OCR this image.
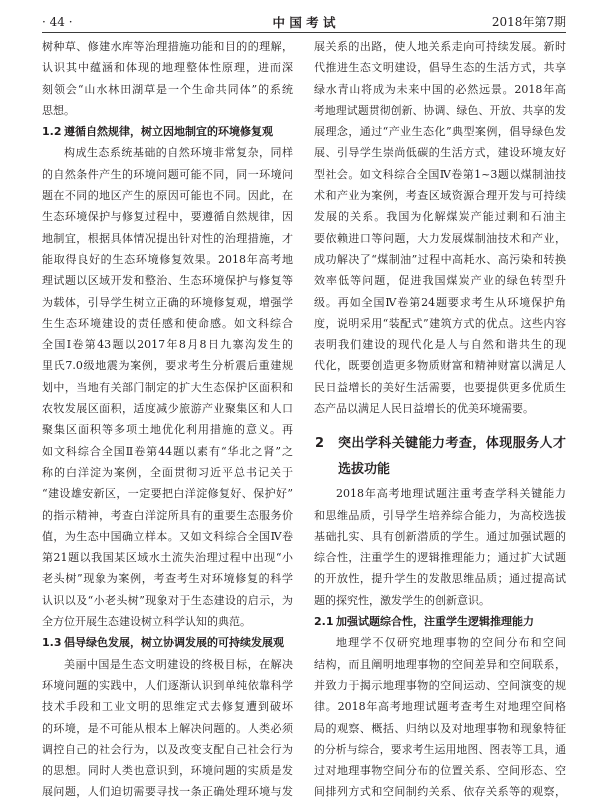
· 44 ·	中 国 考 试	2018年第7期
树种草、修建水库等治理措施功能和目的的理解，
认识其中蕴涵和体现的地理整体性原理，进而深
刻领会“山水林田湖草是一个生命共同体”的系统
思想。
1.2 遵循自然规律，树立因地制宜的环境修复观
构成生态系统基础的自然环境非常复杂，同样
的自然条件产生的环境问题可能不同，同一环境问
题在不同的地区产生的原因可能也不同。因此，在
生态环境保护与修复过程中，要遵循自然规律，因
地制宜，根据具体情况提出针对性的治理措施，才
能取得良好的生态环境修复效果。2018年高考地
理试题以区域开发和整治、生态环境保护与修复等
为载体，引导学生树立正确的环境修复观，增强学
生生态环境建设的责任感和使命感。如文科综合
全国Ⅰ卷第43题以2017年8月8日九寨沟发生的
里氏7.0级地震为案例，要求考生分析震后重建规
划中，当地有关部门制定的扩大生态保护区面积和
农牧发展区面积，适度减少旅游产业聚集区和人口
聚集区面积等多项土地优化利用措施的意义。再
如文科综合全国Ⅱ卷第44题以素有“华北之肾”之
称的白洋淀为案例，全面贯彻习近平总书记关于
“建设雄安新区，一定要把白洋淀修复好、保护好”
的指示精神，考查白洋淀所具有的重要生态服务价
值，为生态中国确立样本。又如文科综合全国Ⅳ卷
第21题以我国某区域水土流失治理过程中出现“小
老头树”现象为案例，考查考生对环境修复的科学
认识以及“小老头树”现象对于生态建设的启示，为
全方位开展生态建设树立科学认知的典范。
1.3 倡导绿色发展，树立协调发展的可持续发展观
美丽中国是生态文明建设的终极目标，在解决
环境问题的实践中，人们逐渐认识到单纯依靠科学
技术手段和工业文明的思维定式去修复遭到破坏
的环境，是不可能从根本上解决问题的。人类必须
调控自己的社会行为，以及改变支配自己社会行为
的思想。同时人类也意识到，环境问题的实质是发
展问题，人们迫切需要寻找一条正确处理环境与发
展关系的出路，使人地关系走向可持续发展。新时
代推进生态文明建设，倡导生态的生活方式，共享
绿水青山将成为未来中国的必然远景。2018年高
考地理试题贯彻创新、协调、绿色、开放、共享的发
展理念，通过“产业生态化”典型案例，倡导绿色发
展、引导学生崇尚低碳的生活方式，建设环境友好
型社会。如文科综合全国Ⅳ卷第1~3题以煤制油技
术和产业为案例，考查区域资源合理开发与可持续
发展的关系。我国为化解煤炭产能过剩和石油主
要依赖进口等问题，大力发展煤制油技术和产业，
成功解决了“煤制油”过程中高耗水、高污染和转换
效率低等问题，促进我国煤炭产业的绿色转型升
级。再如全国Ⅳ卷第24题要求考生从环境保护角
度，说明采用“装配式”建筑方式的优点。这些内容
表明我们建设的现代化是人与自然和谐共生的现
代化，既要创造更多物质财富和精神财富以满足人
民日益增长的美好生活需要，也要提供更多优质生
态产品以满足人民日益增长的优美环境需要。
2 突出学科关键能力考查，体现服务人才
选拔功能
2018年高考地理试题注重考查学科关键能力
和思维品质，引导学生培养综合能力，为高校选拔
基础扎实、具有创新潜质的学生。通过加强试题的
综合性，注重学生的逻辑推理能力；通过扩大试题
的开放性，提升学生的发散思维品质；通过提高试
题的探究性，激发学生的创新意识。
2.1 加强试题综合性，注重学生逻辑推理能力
地理学不仅研究地理事物的空间分布和空间
结构，而且阐明地理事物的空间差异和空间联系，
并致力于揭示地理事物的空间运动、空间演变的规
律。2018年高考地理试题考查考生对地理空间格
局的观察、概括、归纳以及对地理事物和现象特征
的分析与综合，要求考生运用地图、图表等工具，通
过对地理事物空间分布的位置关系、空间形态、空
间排列方式和空间制约关系、依存关系等的观察，
